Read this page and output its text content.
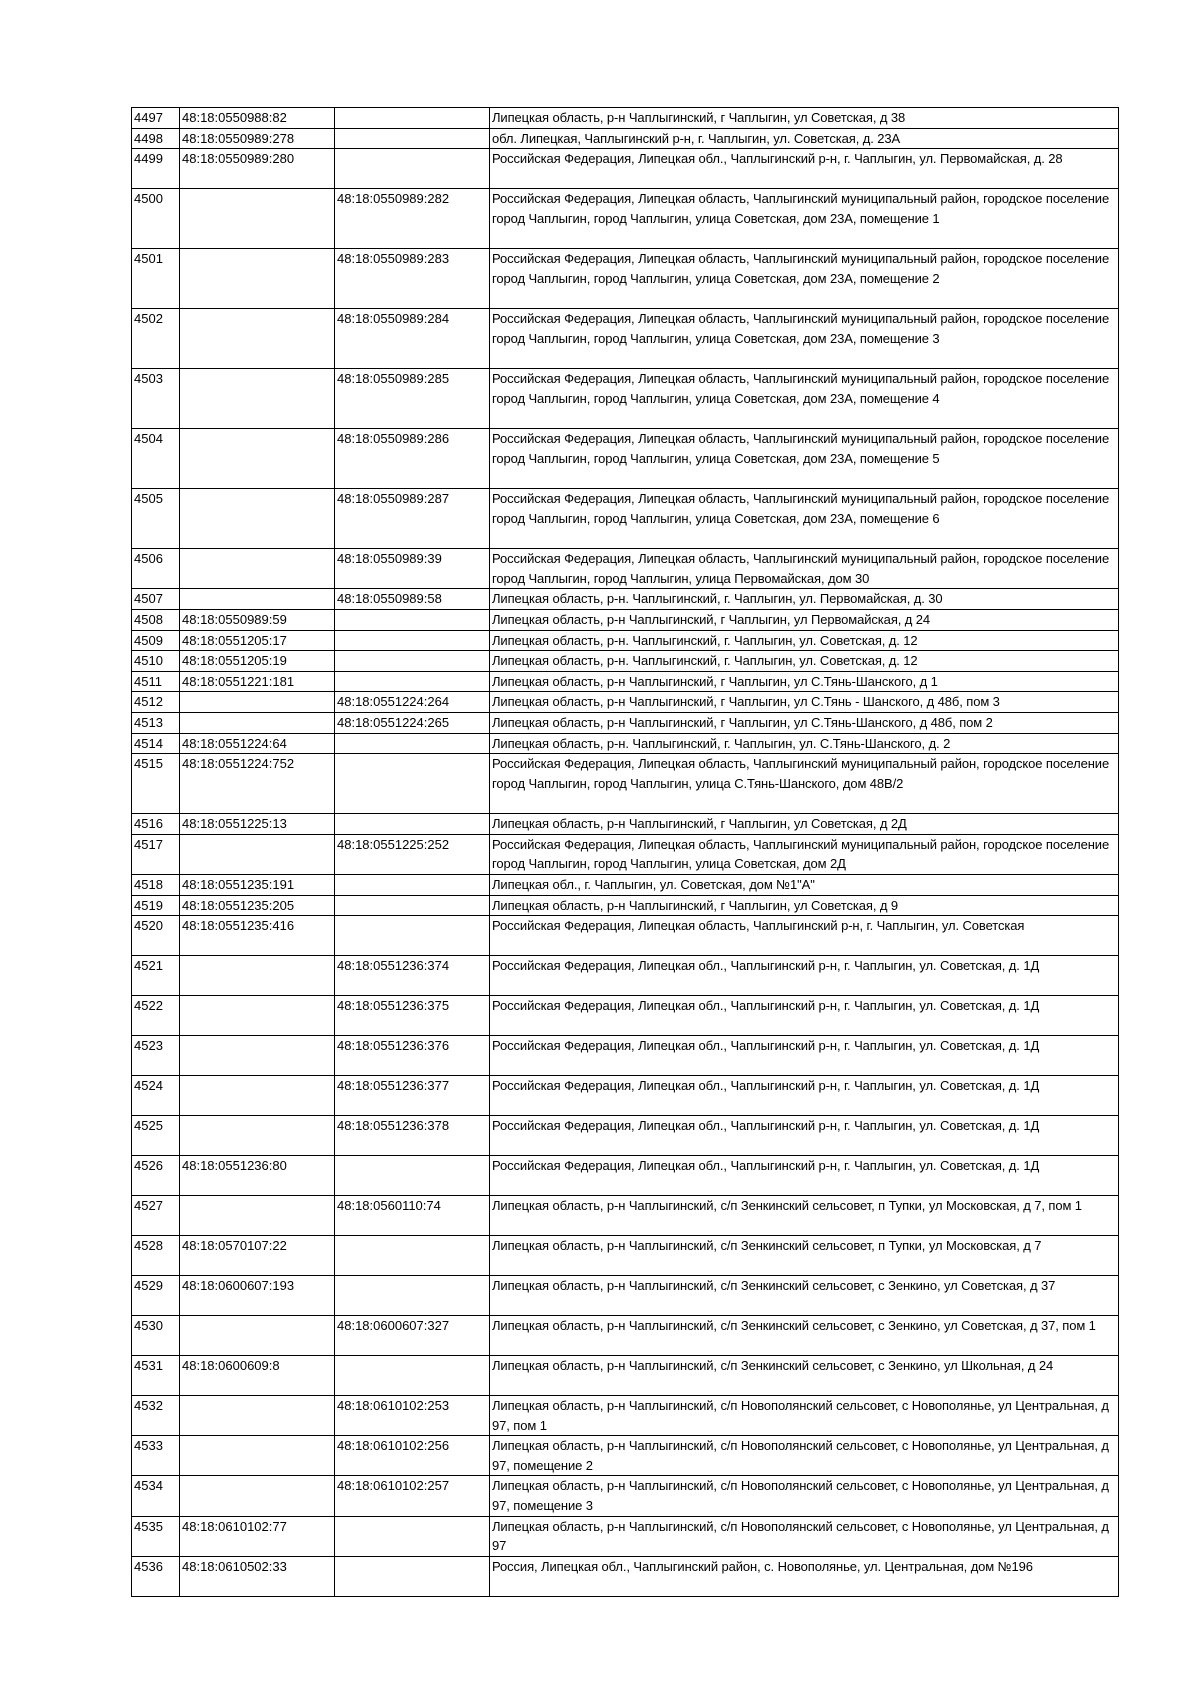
4497	48:18:0550988:82		Липецкая область, р-н Чаплыгинский, г Чаплыгин, ул Советская, д 38
4498	48:18:0550989:278		обл. Липецкая, Чаплыгинский р-н, г. Чаплыгин, ул. Советская, д. 23А
4499	48:18:0550989:280		Российская Федерация, Липецкая обл., Чаплыгинский р-н, г. Чаплыгин, ул. Первомайская, д. 28
4500		48:18:0550989:282	Российская Федерация, Липецкая область, Чаплыгинский муниципальный район, городское поселение город Чаплыгин, город Чаплыгин, улица Советская, дом 23А, помещение 1
4501		48:18:0550989:283	Российская Федерация, Липецкая область, Чаплыгинский муниципальный район, городское поселение город Чаплыгин, город Чаплыгин, улица Советская, дом 23А, помещение 2
4502		48:18:0550989:284	Российская Федерация, Липецкая область, Чаплыгинский муниципальный район, городское поселение город Чаплыгин, город Чаплыгин, улица Советская, дом 23А, помещение 3
4503		48:18:0550989:285	Российская Федерация, Липецкая область, Чаплыгинский муниципальный район, городское поселение город Чаплыгин, город Чаплыгин, улица Советская, дом 23А, помещение 4
4504		48:18:0550989:286	Российская Федерация, Липецкая область, Чаплыгинский муниципальный район, городское поселение город Чаплыгин, город Чаплыгин, улица Советская, дом 23А, помещение 5
4505		48:18:0550989:287	Российская Федерация, Липецкая область, Чаплыгинский муниципальный район, городское поселение город Чаплыгин, город Чаплыгин, улица Советская, дом 23А, помещение 6
4506		48:18:0550989:39	Российская Федерация, Липецкая область, Чаплыгинский муниципальный район, городское поселение город Чаплыгин, город Чаплыгин, улица Первомайская, дом 30
4507		48:18:0550989:58	Липецкая область, р-н. Чаплыгинский, г. Чаплыгин, ул. Первомайская, д. 30
4508	48:18:0550989:59		Липецкая область, р-н Чаплыгинский, г Чаплыгин, ул Первомайская, д 24
4509	48:18:0551205:17		Липецкая область, р-н. Чаплыгинский, г. Чаплыгин, ул. Советская, д. 12
4510	48:18:0551205:19		Липецкая область, р-н. Чаплыгинский, г. Чаплыгин, ул. Советская, д. 12
4511	48:18:0551221:181		Липецкая область, р-н Чаплыгинский, г Чаплыгин, ул С.Тянь-Шанского, д 1
4512		48:18:0551224:264	Липецкая область, р-н Чаплыгинский, г Чаплыгин, ул С.Тянь - Шанского, д 48б, пом 3
4513		48:18:0551224:265	Липецкая область, р-н Чаплыгинский, г Чаплыгин, ул С.Тянь-Шанского, д 48б, пом 2
4514	48:18:0551224:64		Липецкая область, р-н. Чаплыгинский, г. Чаплыгин, ул. С.Тянь-Шанского, д. 2
4515	48:18:0551224:752		Российская Федерация, Липецкая область, Чаплыгинский муниципальный район, городское поселение город Чаплыгин, город Чаплыгин, улица С.Тянь-Шанского, дом 48В/2
4516	48:18:0551225:13		Липецкая область, р-н Чаплыгинский, г Чаплыгин, ул Советская, д 2Д
4517		48:18:0551225:252	Российская Федерация, Липецкая область, Чаплыгинский муниципальный район, городское поселение город Чаплыгин, город Чаплыгин, улица Советская, дом 2Д
4518	48:18:0551235:191		Липецкая обл., г. Чаплыгин, ул. Советская, дом №1"А"
4519	48:18:0551235:205		Липецкая область, р-н Чаплыгинский, г Чаплыгин, ул Советская, д 9
4520	48:18:0551235:416		Российская Федерация, Липецкая область, Чаплыгинский р-н, г. Чаплыгин, ул. Советская
4521		48:18:0551236:374	Российская Федерация, Липецкая обл., Чаплыгинский р-н, г. Чаплыгин, ул. Советская, д. 1Д
4522		48:18:0551236:375	Российская Федерация, Липецкая обл., Чаплыгинский р-н, г. Чаплыгин, ул. Советская, д. 1Д
4523		48:18:0551236:376	Российская Федерация, Липецкая обл., Чаплыгинский р-н, г. Чаплыгин, ул. Советская, д. 1Д
4524		48:18:0551236:377	Российская Федерация, Липецкая обл., Чаплыгинский р-н, г. Чаплыгин, ул. Советская, д. 1Д
4525		48:18:0551236:378	Российская Федерация, Липецкая обл., Чаплыгинский р-н, г. Чаплыгин, ул. Советская, д. 1Д
4526	48:18:0551236:80		Российская Федерация, Липецкая обл., Чаплыгинский р-н, г. Чаплыгин, ул. Советская, д. 1Д
4527		48:18:0560110:74	Липецкая область, р-н Чаплыгинский, с/п Зенкинский сельсовет, п Тупки, ул Московская, д 7, пом 1
4528	48:18:0570107:22		Липецкая область, р-н Чаплыгинский, с/п Зенкинский сельсовет, п Тупки, ул Московская, д 7
4529	48:18:0600607:193		Липецкая область, р-н Чаплыгинский, с/п Зенкинский сельсовет, с Зенкино, ул Советская, д 37
4530		48:18:0600607:327	Липецкая область, р-н Чаплыгинский, с/п Зенкинский сельсовет, с Зенкино, ул Советская, д 37, пом 1
4531	48:18:0600609:8		Липецкая область, р-н Чаплыгинский, с/п Зенкинский сельсовет, с Зенкино, ул Школьная, д 24
4532		48:18:0610102:253	Липецкая область, р-н Чаплыгинский, с/п Новополянский сельсовет, с Новополянье, ул Центральная, д 97, пом 1
4533		48:18:0610102:256	Липецкая область, р-н Чаплыгинский, с/п Новополянский сельсовет, с Новополянье, ул Центральная, д 97, помещение 2
4534		48:18:0610102:257	Липецкая область, р-н Чаплыгинский, с/п Новополянский сельсовет, с Новополянье, ул Центральная, д 97, помещение 3
4535	48:18:0610102:77		Липецкая область, р-н Чаплыгинский, с/п Новополянский сельсовет, с Новополянье, ул Центральная, д 97
4536	48:18:0610502:33		Россия, Липецкая обл., Чаплыгинский район, с. Новополянье, ул. Центральная, дом №196
